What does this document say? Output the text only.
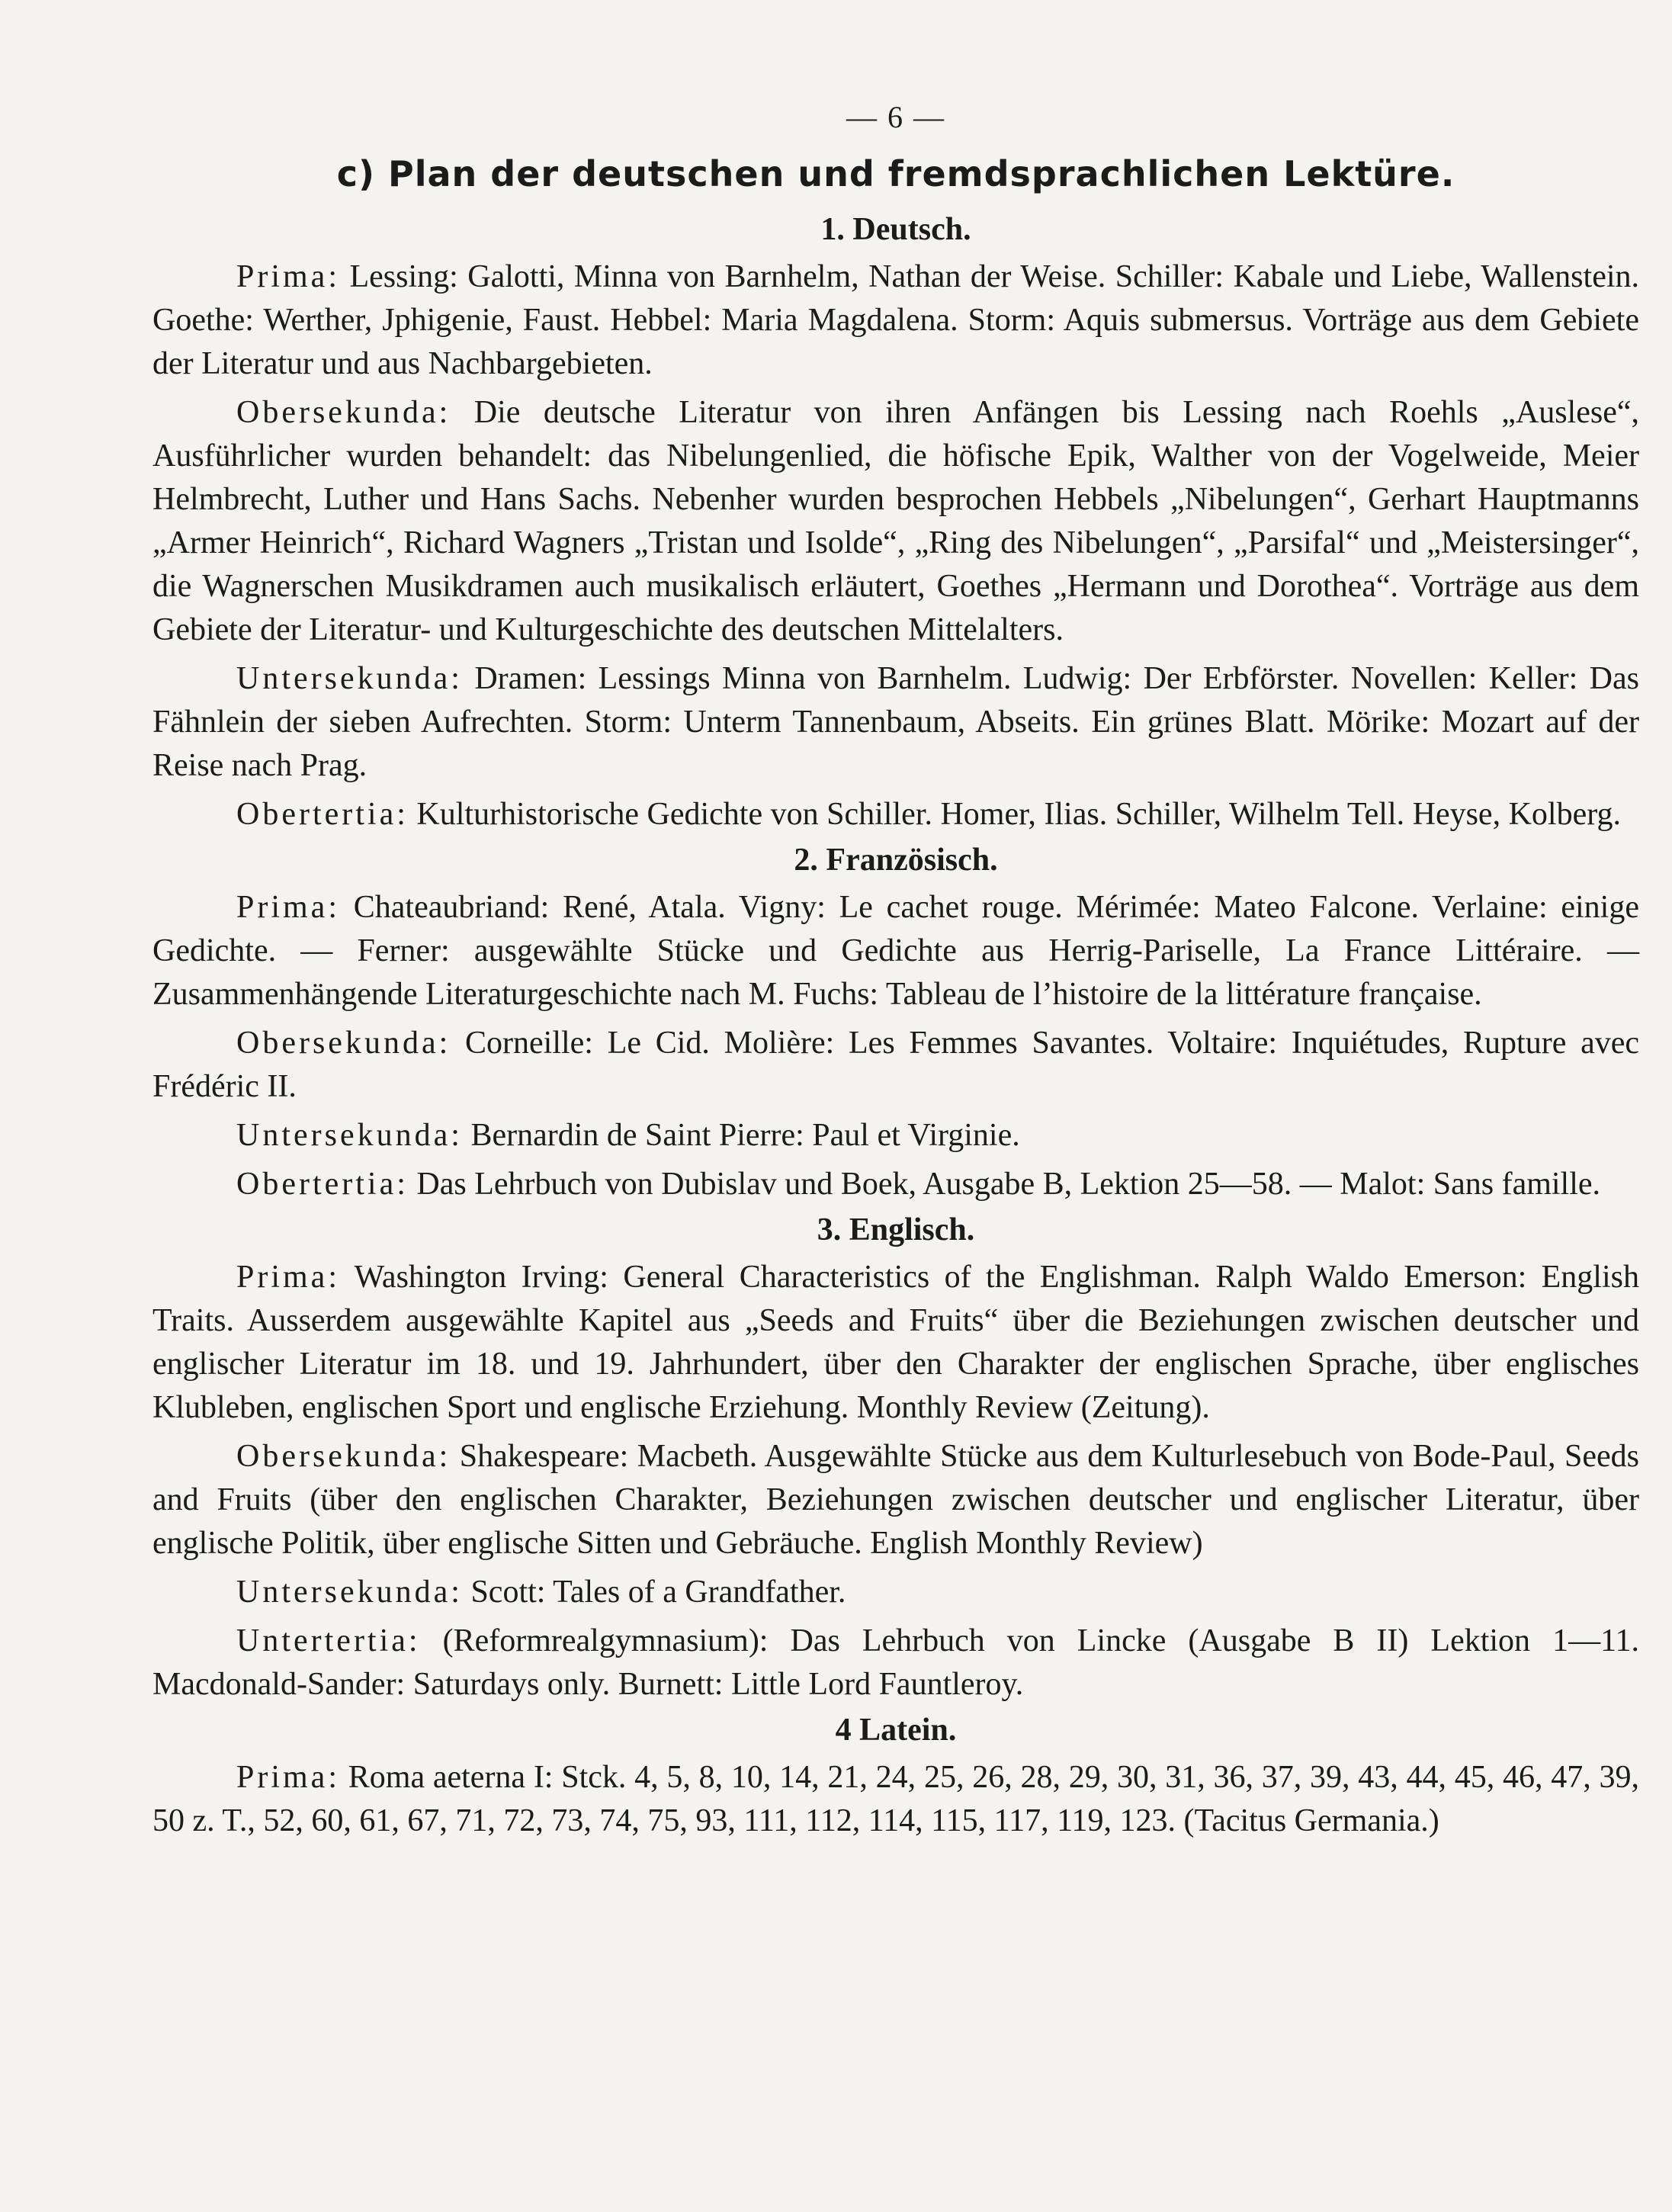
— 6 —
c) Plan der deutschen und fremdsprachlichen Lektüre.
1. Deutsch.

Prima: Lessing: Galotti, Minna von Barnhelm, Nathan der Weise. Schiller: Kabale und Liebe, Wallenstein. Goethe: Werther, Jphigenie, Faust. Hebbel: Maria Magdalena. Storm: Aquis submersus. Vorträge aus dem Gebiete der Literatur und aus Nachbargebieten.

Obersekunda: Die deutsche Literatur von ihren Anfängen bis Lessing nach Roehls „Auslese“, Ausführlicher wurden behandelt: das Nibelungenlied, die höfische Epik, Walther von der Vogelweide, Meier Helmbrecht, Luther und Hans Sachs. Nebenher wurden besprochen Hebbels „Nibelungen“, Gerhart Hauptmanns „Armer Heinrich“, Richard Wagners „Tristan und Isolde“, „Ring des Nibelungen“, „Parsifal“ und „Meistersinger“, die Wagnerschen Musikdramen auch musikalisch erläutert, Goethes „Hermann und Dorothea“. Vorträge aus dem Gebiete der Literatur- und Kulturgeschichte des deutschen Mittelalters.

Untersekunda: Dramen: Lessings Minna von Barnhelm. Ludwig: Der Erbförster. Novellen: Keller: Das Fähnlein der sieben Aufrechten. Storm: Unterm Tannenbaum, Abseits. Ein grünes Blatt. Mörike: Mozart auf der Reise nach Prag.

Obertertia: Kulturhistorische Gedichte von Schiller. Homer, Ilias. Schiller, Wilhelm Tell. Heyse, Kolberg.

2. Französisch.

Prima: Chateaubriand: René, Atala. Vigny: Le cachet rouge. Mérimée: Mateo Falcone. Verlaine: einige Gedichte. — Ferner: ausgewählte Stücke und Gedichte aus Herrig-Pariselle, La France Littéraire. — Zusammenhängende Literaturgeschichte nach M. Fuchs: Tableau de l’histoire de la littérature française.

Obersekunda: Corneille: Le Cid. Molière: Les Femmes Savantes. Voltaire: Inquiétudes, Rupture avec Frédéric II.

Untersekunda: Bernardin de Saint Pierre: Paul et Virginie.

Obertertia: Das Lehrbuch von Dubislav und Boek, Ausgabe B, Lektion 25—58. — Malot: Sans famille.

3. Englisch.

Prima: Washington Irving: General Characteristics of the Englishman. Ralph Waldo Emerson: English Traits. Ausserdem ausgewählte Kapitel aus „Seeds and Fruits“ über die Beziehungen zwischen deutscher und englischer Literatur im 18. und 19. Jahrhundert, über den Charakter der englischen Sprache, über englisches Klubleben, englischen Sport und englische Erziehung. Monthly Review (Zeitung).

Obersekunda: Shakespeare: Macbeth. Ausgewählte Stücke aus dem Kulturlesebuch von Bode-Paul, Seeds and Fruits (über den englischen Charakter, Beziehungen zwischen deutscher und englischer Literatur, über englische Politik, über englische Sitten und Gebräuche. English Monthly Review)

Untersekunda: Scott: Tales of a Grandfather.

Untertertia: (Reformrealgymnasium): Das Lehrbuch von Lincke (Ausgabe B II) Lektion 1—11. Macdonald-Sander: Saturdays only. Burnett: Little Lord Fauntleroy.

4 Latein.

Prima: Roma aeterna I: Stck. 4, 5, 8, 10, 14, 21, 24, 25, 26, 28, 29, 30, 31, 36, 37, 39, 43, 44, 45, 46, 47, 39, 50 z. T., 52, 60, 61, 67, 71, 72, 73, 74, 75, 93, 111, 112, 114, 115, 117, 119, 123. (Tacitus Germania.)
